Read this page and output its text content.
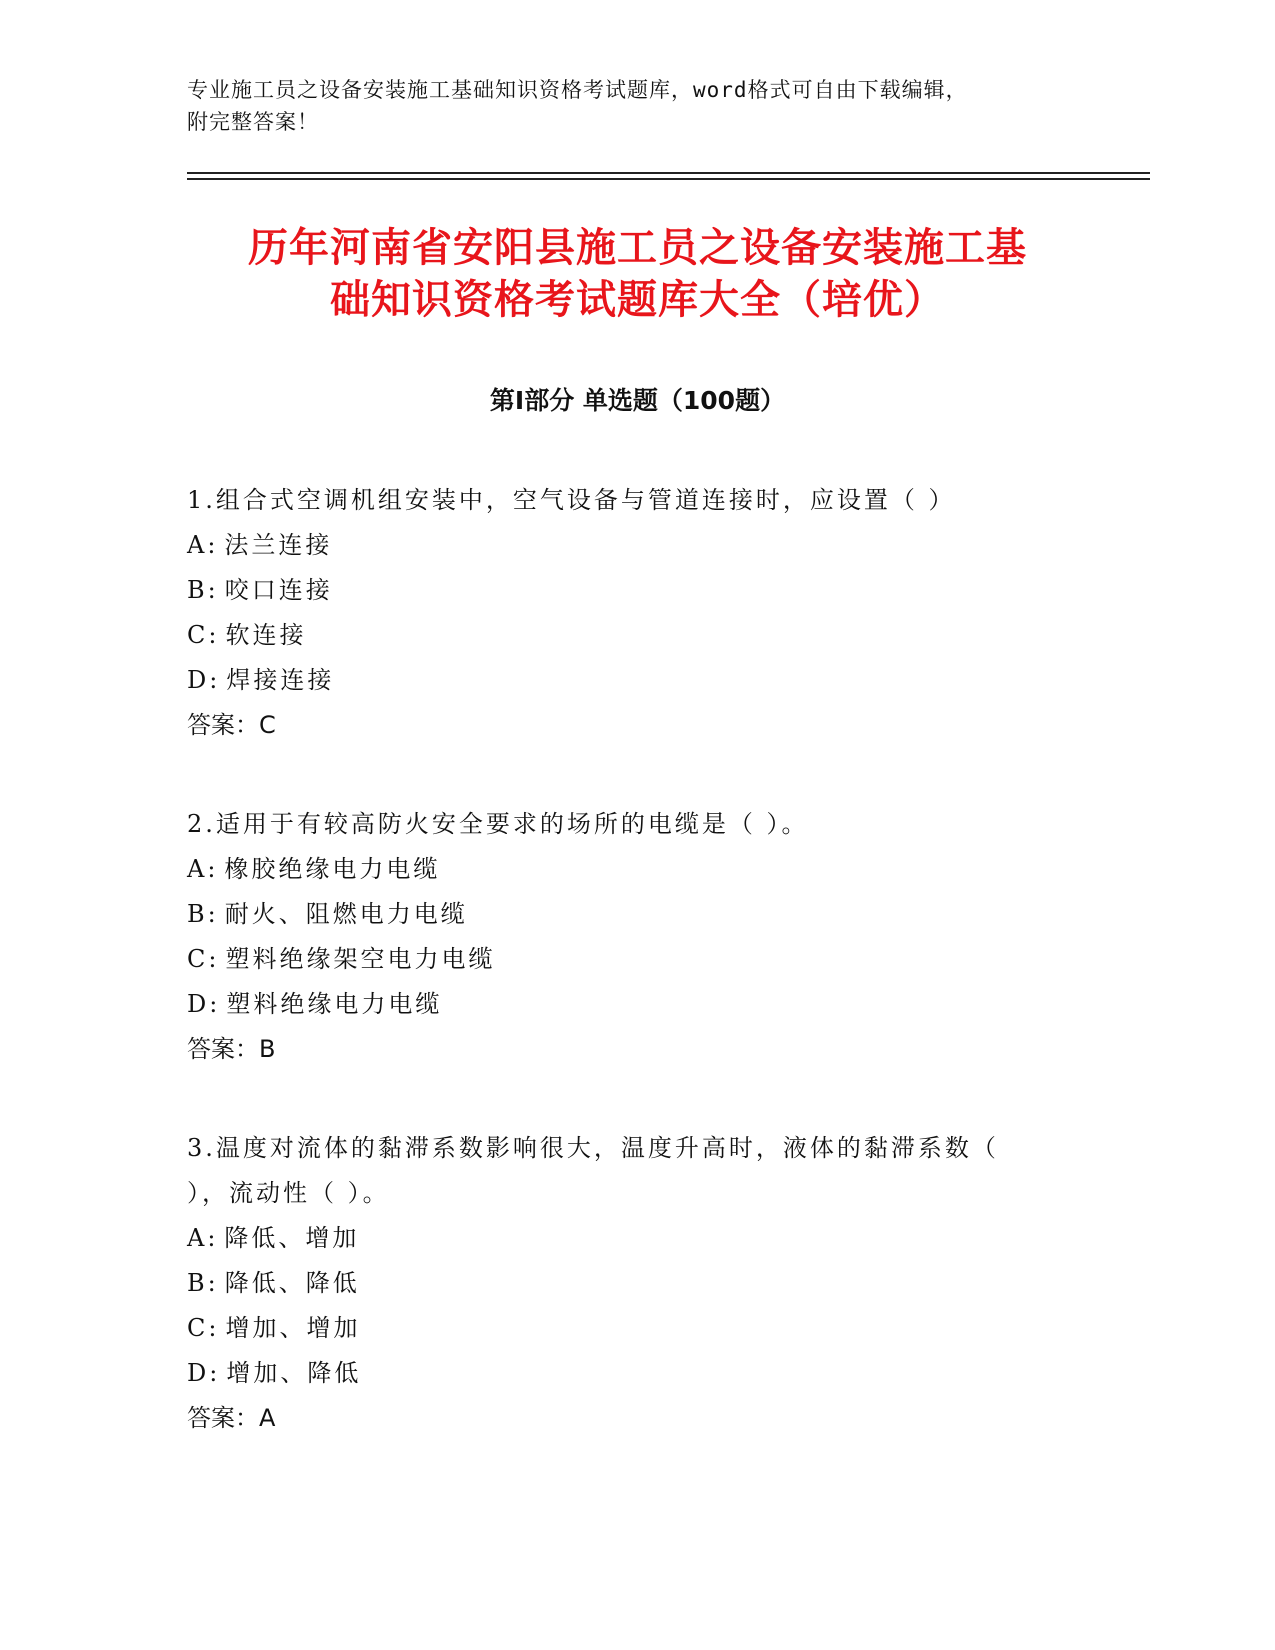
专业施工员之设备安装施工基础知识资格考试题库，word格式可自由下载编辑，
附完整答案！
历年河南省安阳县施工员之设备安装施工基
础知识资格考试题库大全（培优）
第Ⅰ部分 单选题（100题）

1.组合式空调机组安装中，空气设备与管道连接时，应设置（ ）

A: 法兰连接

B: 咬口连接

C: 软连接

D: 焊接连接

答案：C

2.适用于有较高防火安全要求的场所的电缆是（ ）。

A: 橡胶绝缘电力电缆

B: 耐火、阻燃电力电缆

C: 塑料绝缘架空电力电缆

D: 塑料绝缘电力电缆

答案：B

3.温度对流体的黏滞系数影响很大，温度升高时，液体的黏滞系数（

），流动性（ ）。

A: 降低、增加

B: 降低、降低

C: 增加、增加

D: 增加、降低

答案：A
